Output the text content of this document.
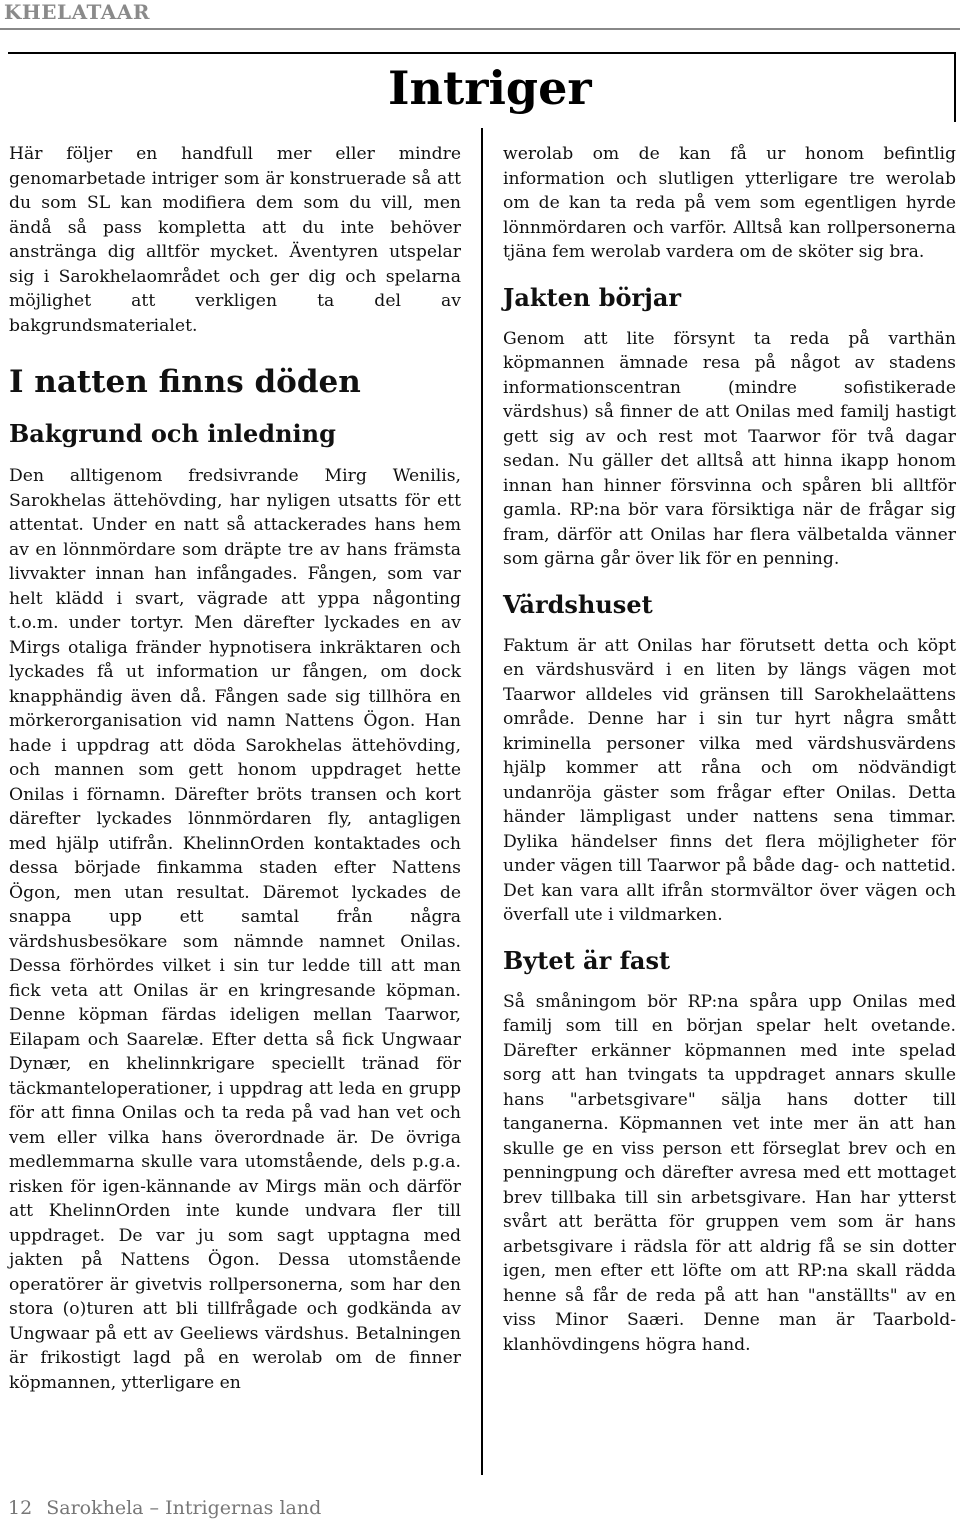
KHELATAAR
Intriger

Här följer en handfull mer eller mindre genomarbetade intriger som är konstruerade så att du som SL kan modifiera dem som du vill, men ändå så pass kompletta att du inte behöver anstränga dig alltför mycket. Äventyren utspelar sig i Sarokhelaområdet och ger dig och spelarna möjlighet att verkligen ta del av bakgrundsmaterialet.

I natten finns döden
Bakgrund och inledning

Den alltigenom fredsivrande Mirg Wenilis, Sarokhelas ättehövding, har nyligen utsatts för ett attentat. Under en natt så attackerades hans hem av en lönnmördare som dräpte tre av hans främsta livvakter innan han infångades. Fången, som var helt klädd i svart, vägrade att yppa någonting t.o.m. under tortyr. Men därefter lyckades en av Mirgs otaliga fränder hypnotisera inkräktaren och lyckades få ut information ur fången, om dock knapphändig även då. Fången sade sig tillhöra en mörkerorganisation vid namn Nattens Ögon. Han hade i uppdrag att döda Sarokhelas ättehövding, och mannen som gett honom uppdraget hette Onilas i förnamn. Därefter bröts transen och kort därefter lyckades lönnmördaren fly, antagligen med hjälp utifrån. KhelinnOrden kontaktades och dessa började finkamma staden efter Nattens Ögon, men utan resultat. Däremot lyckades de snappa upp ett samtal från några värdshusbesökare som nämnde namnet Onilas. Dessa förhördes vilket i sin tur ledde till att man fick veta att Onilas är en kringresande köpman. Denne köpman färdas ideligen mellan Taarwor, Eilapam och Saarelæ. Efter detta så fick Ungwaar Dynær, en khelinnkrigare speciellt tränad för täckmanteloperationer, i uppdrag att leda en grupp för att finna Onilas och ta reda på vad han vet och vem eller vilka hans överordnade är. De övriga medlemmarna skulle vara utomstående, dels p.g.a. risken för igen-kännande av Mirgs män och därför att KhelinnOrden inte kunde undvara fler till uppdraget. De var ju som sagt upptagna med jakten på Nattens Ögon. Dessa utomstående operatörer är givetvis rollpersonerna, som har den stora (o)turen att bli tillfrågade och godkända av Ungwaar på ett av Geeliews värdshus. Betalningen är frikostigt lagd på en werolab om de finner köpmannen, ytterligare en

werolab om de kan få ur honom befintlig information och slutligen ytterligare tre werolab om de kan ta reda på vem som egentligen hyrde lönnmördaren och varför. Alltså kan rollpersonerna tjäna fem werolab vardera om de sköter sig bra.

Jakten börjar

Genom att lite försynt ta reda på varthän köpmannen ämnade resa på något av stadens informationscentran (mindre sofistikerade värdshus) så finner de att Onilas med familj hastigt gett sig av och rest mot Taarwor för två dagar sedan. Nu gäller det alltså att hinna ikapp honom innan han hinner försvinna och spåren bli alltför gamla. RP:na bör vara försiktiga när de frågar sig fram, därför att Onilas har flera välbetalda vänner som gärna går över lik för en penning.

Värdshuset

Faktum är att Onilas har förutsett detta och köpt en värdshusvärd i en liten by längs vägen mot Taarwor alldeles vid gränsen till Sarokhelaättens område. Denne har i sin tur hyrt några smått kriminella personer vilka med värdshusvärdens hjälp kommer att råna och om nödvändigt undanröja gäster som frågar efter Onilas. Detta händer lämpligast under nattens sena timmar. Dylika händelser finns det flera möjligheter för under vägen till Taarwor på både dag- och nattetid. Det kan vara allt ifrån stormvältor över vägen och överfall ute i vildmarken.

Bytet är fast

Så småningom bör RP:na spåra upp Onilas med familj som till en början spelar helt ovetande. Därefter erkänner köpmannen med inte spelad sorg att han tvingats ta uppdraget annars skulle hans "arbetsgivare" sälja hans dotter till tanganerna. Köpmannen vet inte mer än att han skulle ge en viss person ett förseglat brev och en penningpung och därefter avresa med ett mottaget brev tillbaka till sin arbetsgivare. Han har ytterst svårt att berätta för gruppen vem som är hans arbetsgivare i rädsla för att aldrig få se sin dotter igen, men efter ett löfte om att RP:na skall rädda henne så får de reda på att han "anställts" av en viss Minor Saæri. Denne man är Taarbold-klanhövdingens högra hand.

12 Sarokhela – Intrigernas land
